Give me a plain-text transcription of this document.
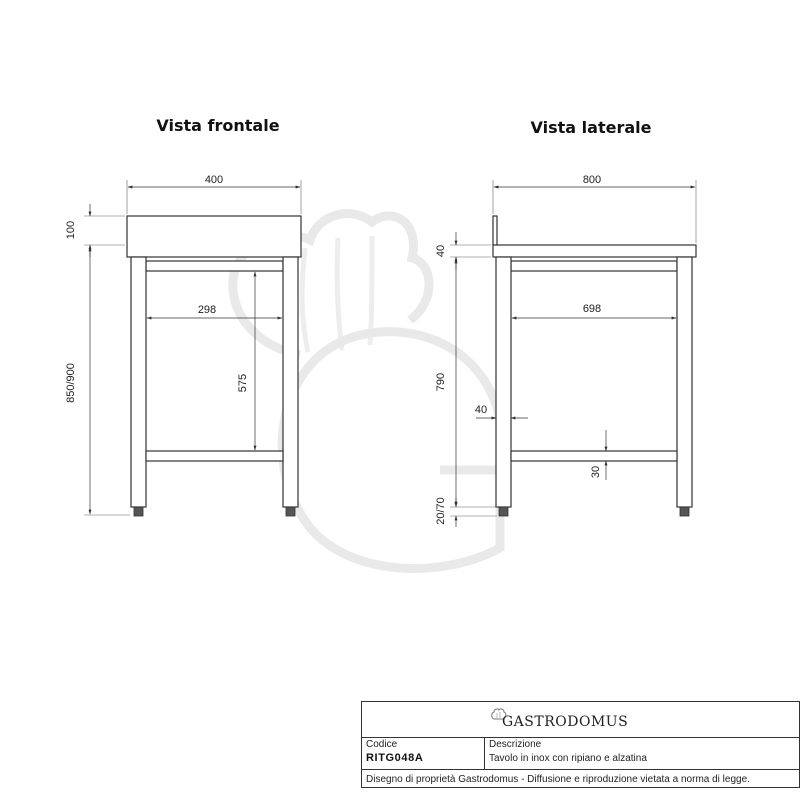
Vista frontale	Vista laterale
400
100
850/900
298
575
800
40
790
20/70
698
40
30
GASTRODOMUS
Codice
RITG048A
Descrizione
Tavolo in inox con ripiano e alzatina
Disegno di proprietà Gastrodomus - Diffusione e riproduzione vietata a norma di legge.
